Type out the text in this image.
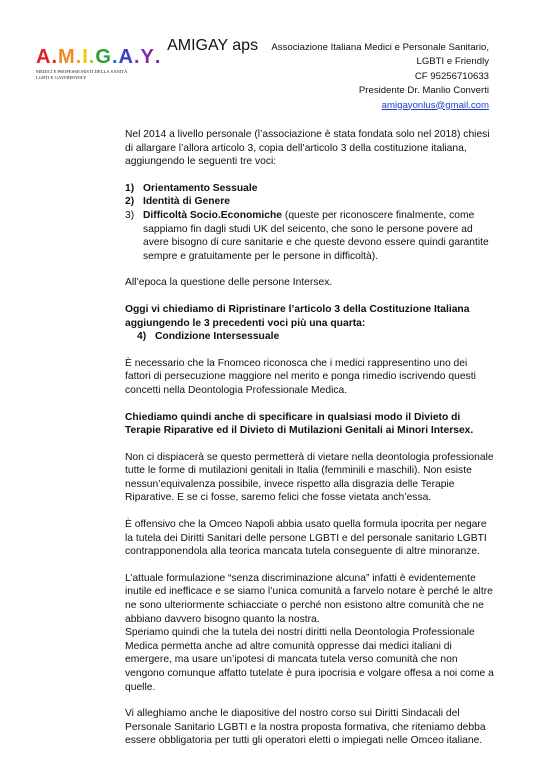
A.M.I.G.A.Y.
MEDICI E PROFESSIONISTI DELLA SANITÀ
LGBTI E GAYFRIENDLY
AMIGAY aps Associazione Italiana Medici e Personale Sanitario,
LGBTI e Friendly
CF 95256710633
Presidente Dr. Manlio Converti
amigayonlus@gmail.com

Nel 2014 a livello personale (l’associazione è stata fondata solo nel 2018) chiesi di allargare l’allora articolo 3, copia dell’articolo 3 della costituzione italiana, aggiungendo le seguenti tre voci:

1) Orientamento Sessuale
2) Identità di Genere
3) Difficoltà Socio.Economiche (queste per riconoscere finalmente, come sappiamo fin dagli studi UK del seicento, che sono le persone povere ad avere bisogno di cure sanitarie e che queste devono essere quindi garantite sempre e gratuitamente per le persone in difficoltà).

All’epoca la questione delle persone Intersex.

Oggi vi chiediamo di Ripristinare l’articolo 3 della Costituzione Italiana aggiungendo le 3 precedenti voci più una quarta:

4) Condizione Intersessuale

È necessario che la Fnomceo riconosca che i medici rappresentino uno dei fattori di persecuzione maggiore nel merito e ponga rimedio iscrivendo questi concetti nella Deontologia Professionale Medica.

Chiediamo quindi anche di specificare in qualsiasi modo il Divieto di Terapie Riparative ed il Divieto di Mutilazioni Genitali ai Minori Intersex.

Non ci dispiacerà se questo permetterà di vietare nella deontologia professionale tutte le forme di mutilazioni genitali in Italia (femminili e maschili). Non esiste nessun’equivalenza possibile, invece rispetto alla disgrazia delle Terapie Riparative. E se ci fosse, saremo felici che fosse vietata anch’essa.

È offensivo che la Omceo Napoli abbia usato quella formula ipocrita per negare la tutela dei Diritti Sanitari delle persone LGBTI e del personale sanitario LGBTI contrapponendola alla teorica mancata tutela conseguente di altre minoranze.

L’attuale formulazione “senza discriminazione alcuna” infatti è evidentemente inutile ed inefficace e se siamo l’unica comunità a farvelo notare è perché le altre ne sono ulteriormente schiacciate o perché non esistono altre comunità che ne abbiano davvero bisogno quanto la nostra.

Speriamo quindi che la tutela dei nostri diritti nella Deontologia Professionale Medica permetta anche ad altre comunità oppresse dai medici italiani di emergere, ma usare un’ipotesi di mancata tutela verso comunità che non vengono comunque affatto tutelate è pura ipocrisia e volgare offesa a noi come a quelle.

Vi alleghiamo anche le diapositive del nostro corso sui Diritti Sindacali del Personale Sanitario LGBTI e la nostra proposta formativa, che riteniamo debba essere obbligatoria per tutti gli operatori eletti o impiegati nelle Omceo italiane.
